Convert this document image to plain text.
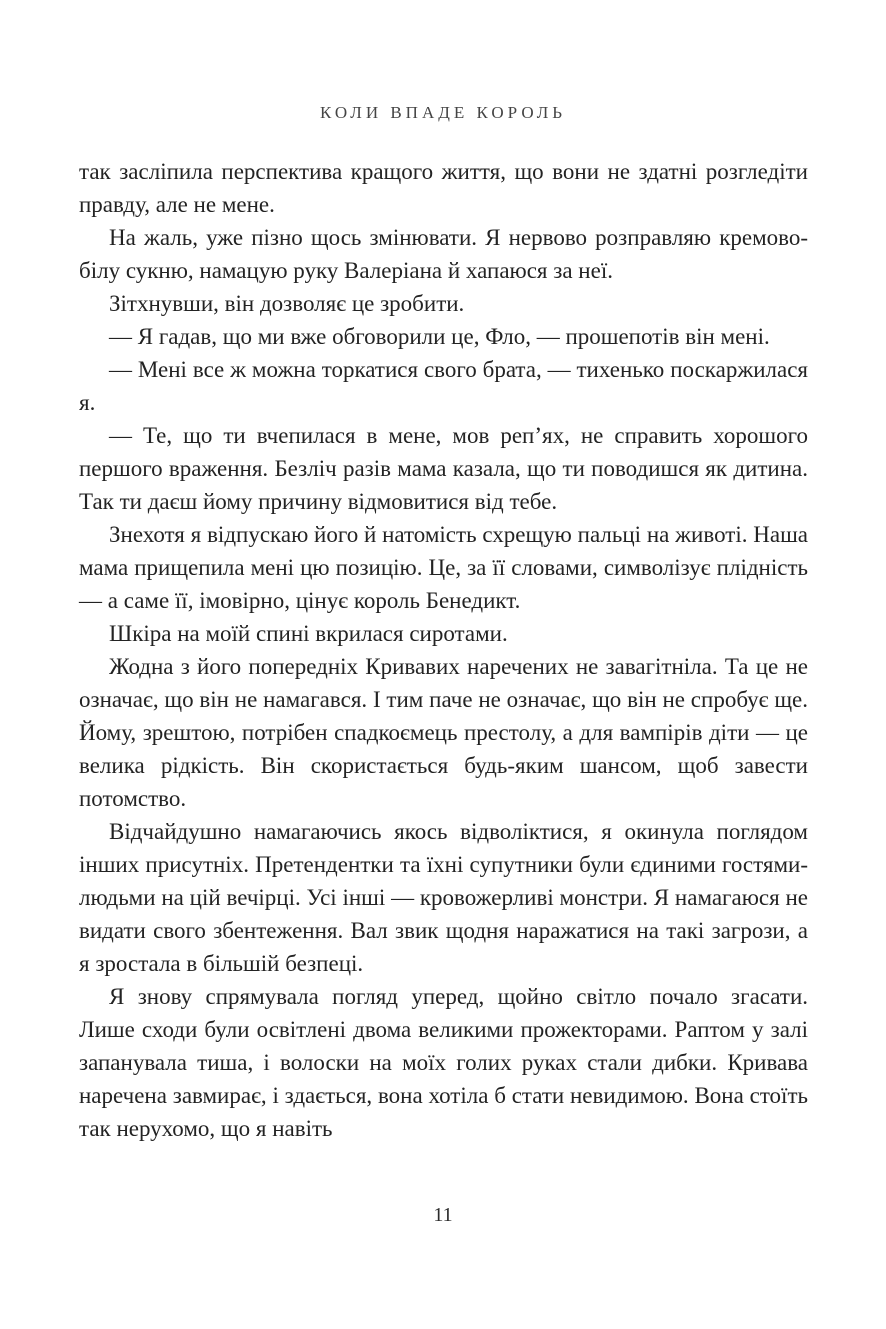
КОЛИ ВПАДЕ КОРОЛЬ

так засліпила перспектива кращого життя, що вони не здатні розгледіти правду, але не мене.

На жаль, уже пізно щось змінювати. Я нервово розправляю кремово-білу сукню, намацую руку Валеріана й хапаюся за неї.

Зітхнувши, він дозволяє це зробити.

— Я гадав, що ми вже обговорили це, Фло, — прошепотів він мені.

— Мені все ж можна торкатися свого брата, — тихенько поскаржилася я.

— Те, що ти вчепилася в мене, мов реп’ях, не справить хорошого першого враження. Безліч разів мама казала, що ти поводишся як дитина. Так ти даєш йому причину відмовитися від тебе.

Знехотя я відпускаю його й натомість схрещую пальці на животі. Наша мама прищепила мені цю позицію. Це, за її словами, символізує плідність — а саме її, імовірно, цінує король Бенедикт.

Шкіра на моїй спині вкрилася сиротами.

Жодна з його попередніх Кривавих наречених не завагітніла. Та це не означає, що він не намагався. І тим паче не означає, що він не спробує ще. Йому, зрештою, потрібен спадкоємець престолу, а для вампірів діти — це велика рідкість. Він скористається будь-яким шансом, щоб завести потомство.

Відчайдушно намагаючись якось відволіктися, я окинула поглядом інших присутніх. Претендентки та їхні супутники були єдиними гостями-людьми на цій вечірці. Усі інші — кровожерливі монстри. Я намагаюся не видати свого збентеження. Вал звик щодня наражатися на такі загрози, а я зростала в більшій безпеці.

Я знову спрямувала погляд уперед, щойно світло почало згасати. Лише сходи були освітлені двома великими прожекторами. Раптом у залі запанувала тиша, і волоски на моїх голих руках стали дибки. Кривава наречена завмирає, і здається, вона хотіла б стати невидимою. Вона стоїть так нерухомо, що я навіть

11
